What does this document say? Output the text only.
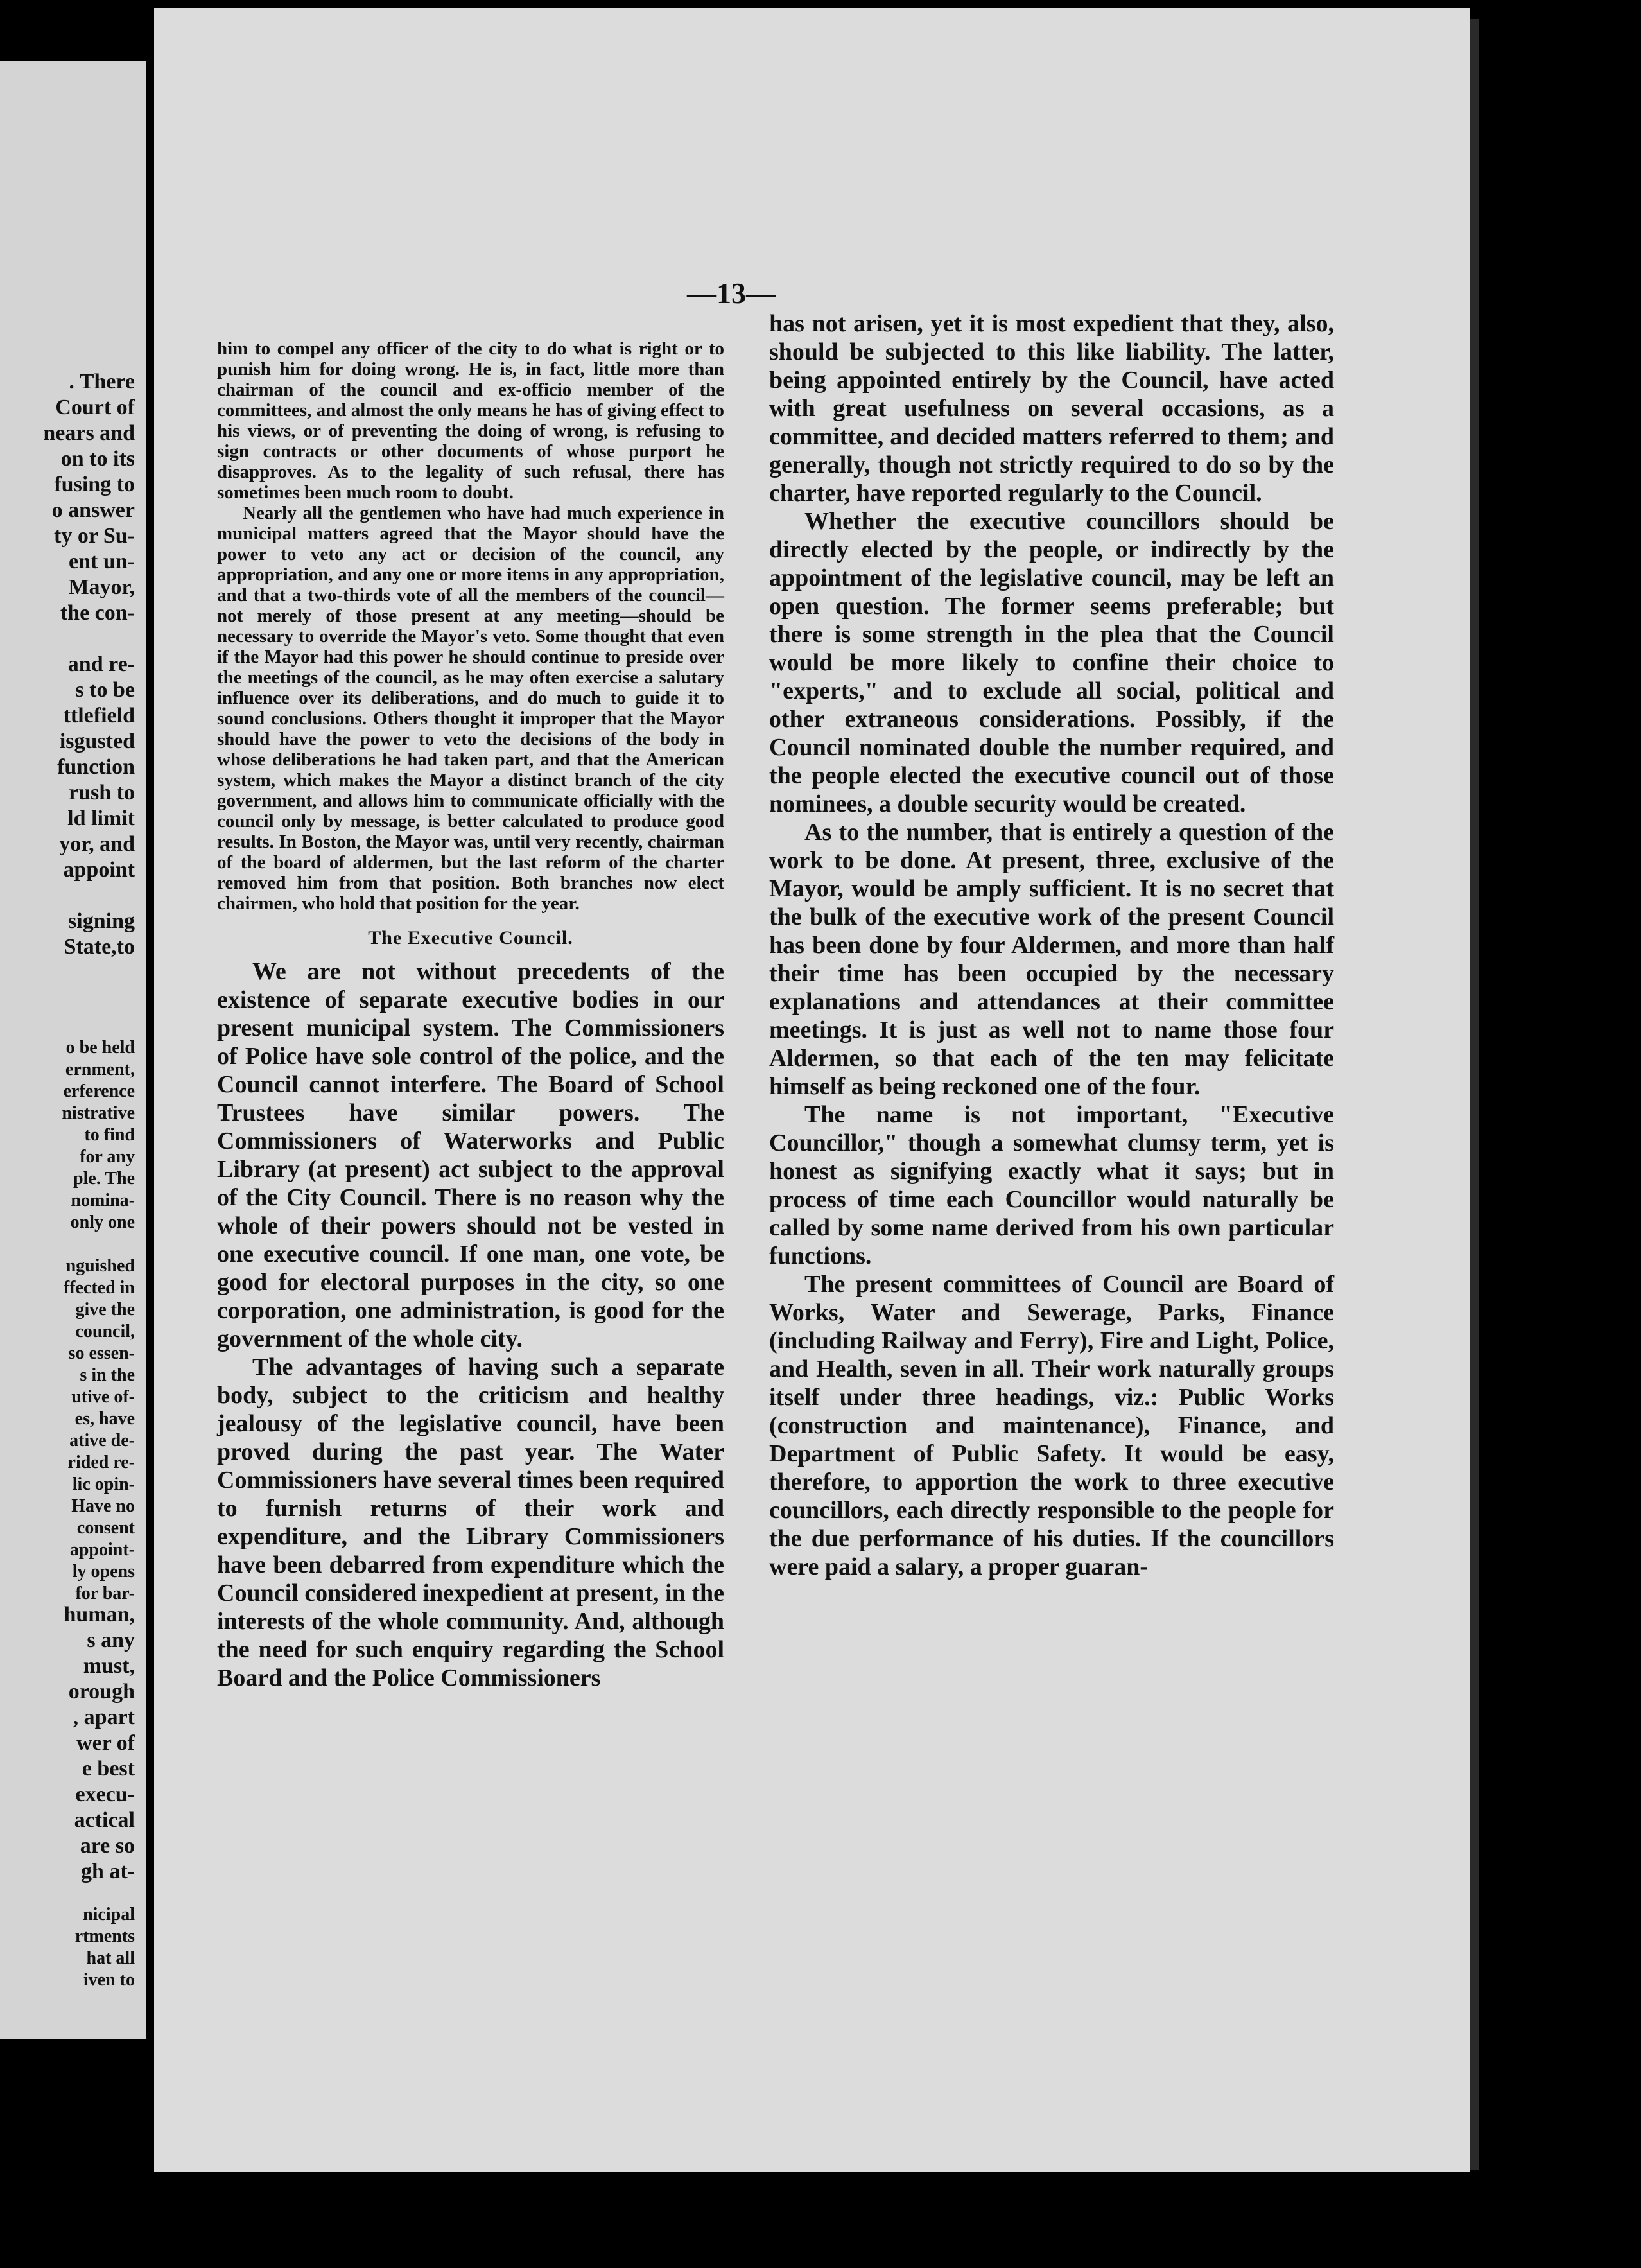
. There
Court of
nears and
on to its
fusing to
o answer
ty or Su-
ent un-
Mayor,
the con-

and re-
s to be
ttlefield
isgusted
function
rush to
ld limit
yor, and
appoint

signing
State,to
o be held
ernment,
erference
nistrative
to find
for any
ple. The
nomina-
only one

nguished
ffected in
give the
council,
so essen-
s in the
utive of-
es, have
ative de-
rided re-
lic opin-
Have no
consent
appoint-
ly opens
for bar-
human,
s any
must,
orough
, apart
wer of
e best
execu-
actical
are so
gh at-
nicipal
rtments
hat all
iven to
—13—

him to compel any officer of the city to do what is right or to punish him for doing wrong. He is, in fact, little more than chairman of the council and ex-officio member of the committees, and almost the only means he has of giving effect to his views, or of preventing the doing of wrong, is refusing to sign contracts or other documents of whose purport he disapproves. As to the legality of such refusal, there has sometimes been much room to doubt.

Nearly all the gentlemen who have had much experience in municipal matters agreed that the Mayor should have the power to veto any act or decision of the council, any appropriation, and any one or more items in any appropriation, and that a two-thirds vote of all the members of the council—not merely of those present at any meeting—should be necessary to override the Mayor's veto. Some thought that even if the Mayor had this power he should continue to preside over the meetings of the council, as he may often exercise a salutary influence over its deliberations, and do much to guide it to sound conclusions. Others thought it improper that the Mayor should have the power to veto the decisions of the body in whose deliberations he had taken part, and that the American system, which makes the Mayor a distinct branch of the city government, and allows him to communicate officially with the council only by message, is better calculated to produce good results. In Boston, the Mayor was, until very recently, chairman of the board of aldermen, but the last reform of the charter removed him from that position. Both branches now elect chairmen, who hold that position for the year.

The Executive Council.

We are not without precedents of the existence of separate executive bodies in our present municipal system. The Commissioners of Police have sole control of the police, and the Council cannot interfere. The Board of School Trustees have similar powers. The Commissioners of Waterworks and Public Library (at present) act subject to the approval of the City Council. There is no reason why the whole of their powers should not be vested in one executive council. If one man, one vote, be good for electoral purposes in the city, so one corporation, one administration, is good for the government of the whole city.

The advantages of having such a separate body, subject to the criticism and healthy jealousy of the legislative council, have been proved during the past year. The Water Commissioners have several times been required to furnish returns of their work and expenditure, and the Library Commissioners have been debarred from expenditure which the Council considered inexpedient at present, in the interests of the whole community. And, although the need for such enquiry regarding the School Board and the Police Commissioners

has not arisen, yet it is most expedient that they, also, should be subjected to this like liability. The latter, being appointed entirely by the Council, have acted with great usefulness on several occasions, as a committee, and decided matters referred to them; and generally, though not strictly required to do so by the charter, have reported regularly to the Council.

Whether the executive councillors should be directly elected by the people, or indirectly by the appointment of the legislative council, may be left an open question. The former seems preferable; but there is some strength in the plea that the Council would be more likely to confine their choice to "experts," and to exclude all social, political and other extraneous considerations. Possibly, if the Council nominated double the number required, and the people elected the executive council out of those nominees, a double security would be created.

As to the number, that is entirely a question of the work to be done. At present, three, exclusive of the Mayor, would be amply sufficient. It is no secret that the bulk of the executive work of the present Council has been done by four Aldermen, and more than half their time has been occupied by the necessary explanations and attendances at their committee meetings. It is just as well not to name those four Aldermen, so that each of the ten may felicitate himself as being reckoned one of the four.

The name is not important, "Executive Councillor," though a somewhat clumsy term, yet is honest as signifying exactly what it says; but in process of time each Councillor would naturally be called by some name derived from his own particular functions.

The present committees of Council are Board of Works, Water and Sewerage, Parks, Finance (including Railway and Ferry), Fire and Light, Police, and Health, seven in all. Their work naturally groups itself under three headings, viz.: Public Works (construction and maintenance), Finance, and Department of Public Safety. It would be easy, therefore, to apportion the work to three executive councillors, each directly responsible to the people for the due performance of his duties. If the councillors were paid a salary, a proper guaran-
